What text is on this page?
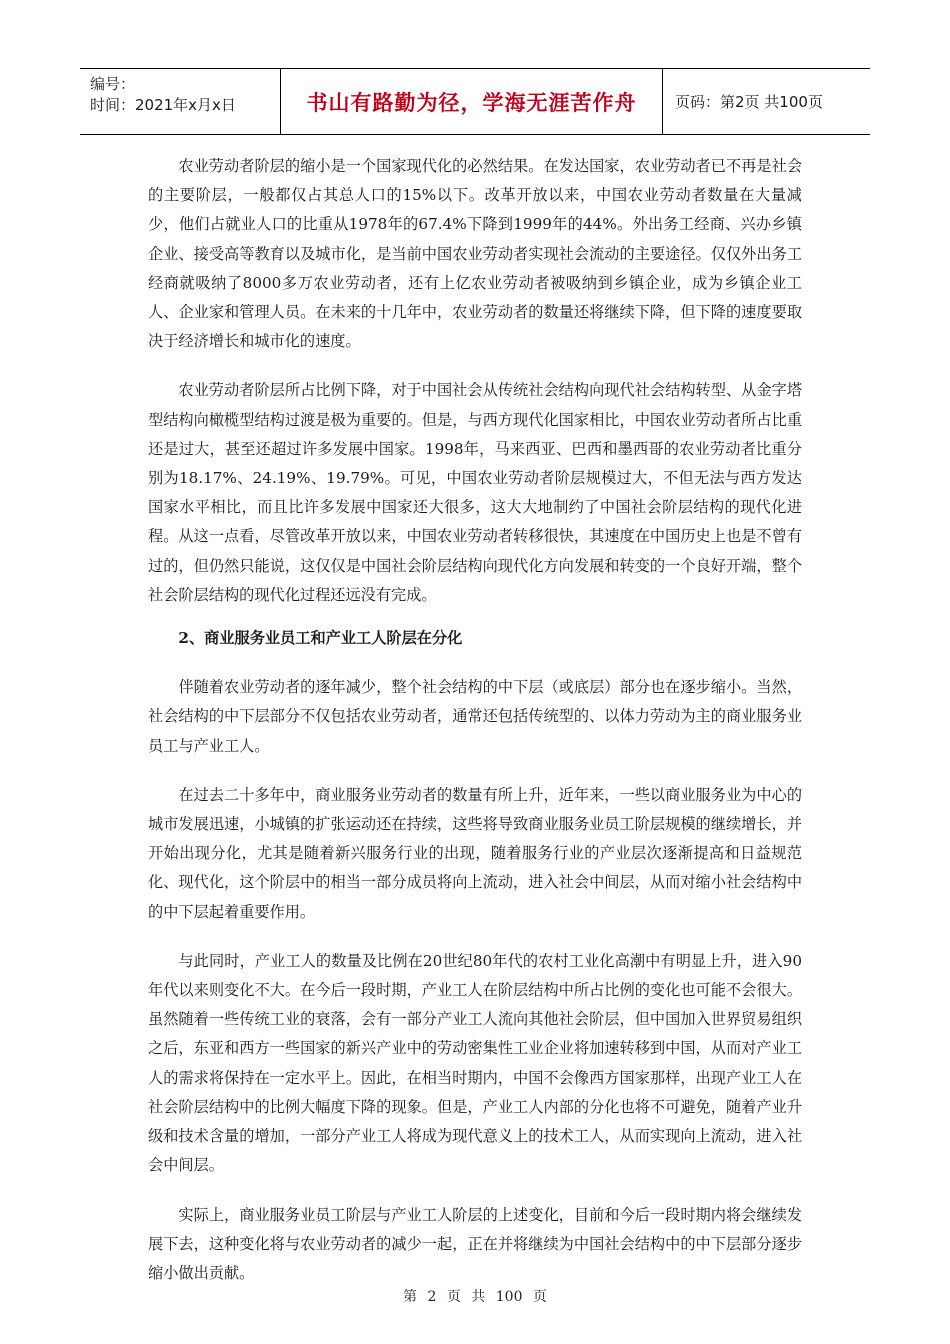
编号：
时间：2021年x月x日	书山有路勤为径，学海无涯苦作舟	页码：第2页 共100页

农业劳动者阶层的缩小是一个国家现代化的必然结果。在发达国家，农业劳动者已不再是社会的主要阶层，一般都仅占其总人口的15%以下。改革开放以来，中国农业劳动者数量在大量减少，他们占就业人口的比重从1978年的67.4%下降到1999年的44%。外出务工经商、兴办乡镇企业、接受高等教育以及城市化，是当前中国农业劳动者实现社会流动的主要途径。仅仅外出务工经商就吸纳了8000多万农业劳动者，还有上亿农业劳动者被吸纳到乡镇企业，成为乡镇企业工人、企业家和管理人员。在未来的十几年中，农业劳动者的数量还将继续下降，但下降的速度要取决于经济增长和城市化的速度。

农业劳动者阶层所占比例下降，对于中国社会从传统社会结构向现代社会结构转型、从金字塔型结构向橄榄型结构过渡是极为重要的。但是，与西方现代化国家相比，中国农业劳动者所占比重还是过大，甚至还超过许多发展中国家。1998年，马来西亚、巴西和墨西哥的农业劳动者比重分别为18.17%、24.19%、19.79%。可见，中国农业劳动者阶层规模过大，不但无法与西方发达国家水平相比，而且比许多发展中国家还大很多，这大大地制约了中国社会阶层结构的现代化进程。从这一点看，尽管改革开放以来，中国农业劳动者转移很快，其速度在中国历史上也是不曾有过的，但仍然只能说，这仅仅是中国社会阶层结构向现代化方向发展和转变的一个良好开端，整个社会阶层结构的现代化过程还远没有完成。

2、商业服务业员工和产业工人阶层在分化

伴随着农业劳动者的逐年减少，整个社会结构的中下层（或底层）部分也在逐步缩小。当然，社会结构的中下层部分不仅包括农业劳动者，通常还包括传统型的、以体力劳动为主的商业服务业员工与产业工人。

在过去二十多年中，商业服务业劳动者的数量有所上升，近年来，一些以商业服务业为中心的城市发展迅速，小城镇的扩张运动还在持续，这些将导致商业服务业员工阶层规模的继续增长，并开始出现分化，尤其是随着新兴服务行业的出现，随着服务行业的产业层次逐渐提高和日益规范化、现代化，这个阶层中的相当一部分成员将向上流动，进入社会中间层，从而对缩小社会结构中的中下层起着重要作用。

与此同时，产业工人的数量及比例在20世纪80年代的农村工业化高潮中有明显上升，进入90年代以来则变化不大。在今后一段时期，产业工人在阶层结构中所占比例的变化也可能不会很大。虽然随着一些传统工业的衰落，会有一部分产业工人流向其他社会阶层，但中国加入世界贸易组织之后，东亚和西方一些国家的新兴产业中的劳动密集性工业企业将加速转移到中国，从而对产业工人的需求将保持在一定水平上。因此，在相当时期内，中国不会像西方国家那样，出现产业工人在社会阶层结构中的比例大幅度下降的现象。但是，产业工人内部的分化也将不可避免，随着产业升级和技术含量的增加，一部分产业工人将成为现代意义上的技术工人，从而实现向上流动，进入社会中间层。

实际上，商业服务业员工阶层与产业工人阶层的上述变化，目前和今后一段时期内将会继续发展下去，这种变化将与农业劳动者的减少一起，正在并将继续为中国社会结构中的中下层部分逐步缩小做出贡献。

第 2 页 共 100 页
